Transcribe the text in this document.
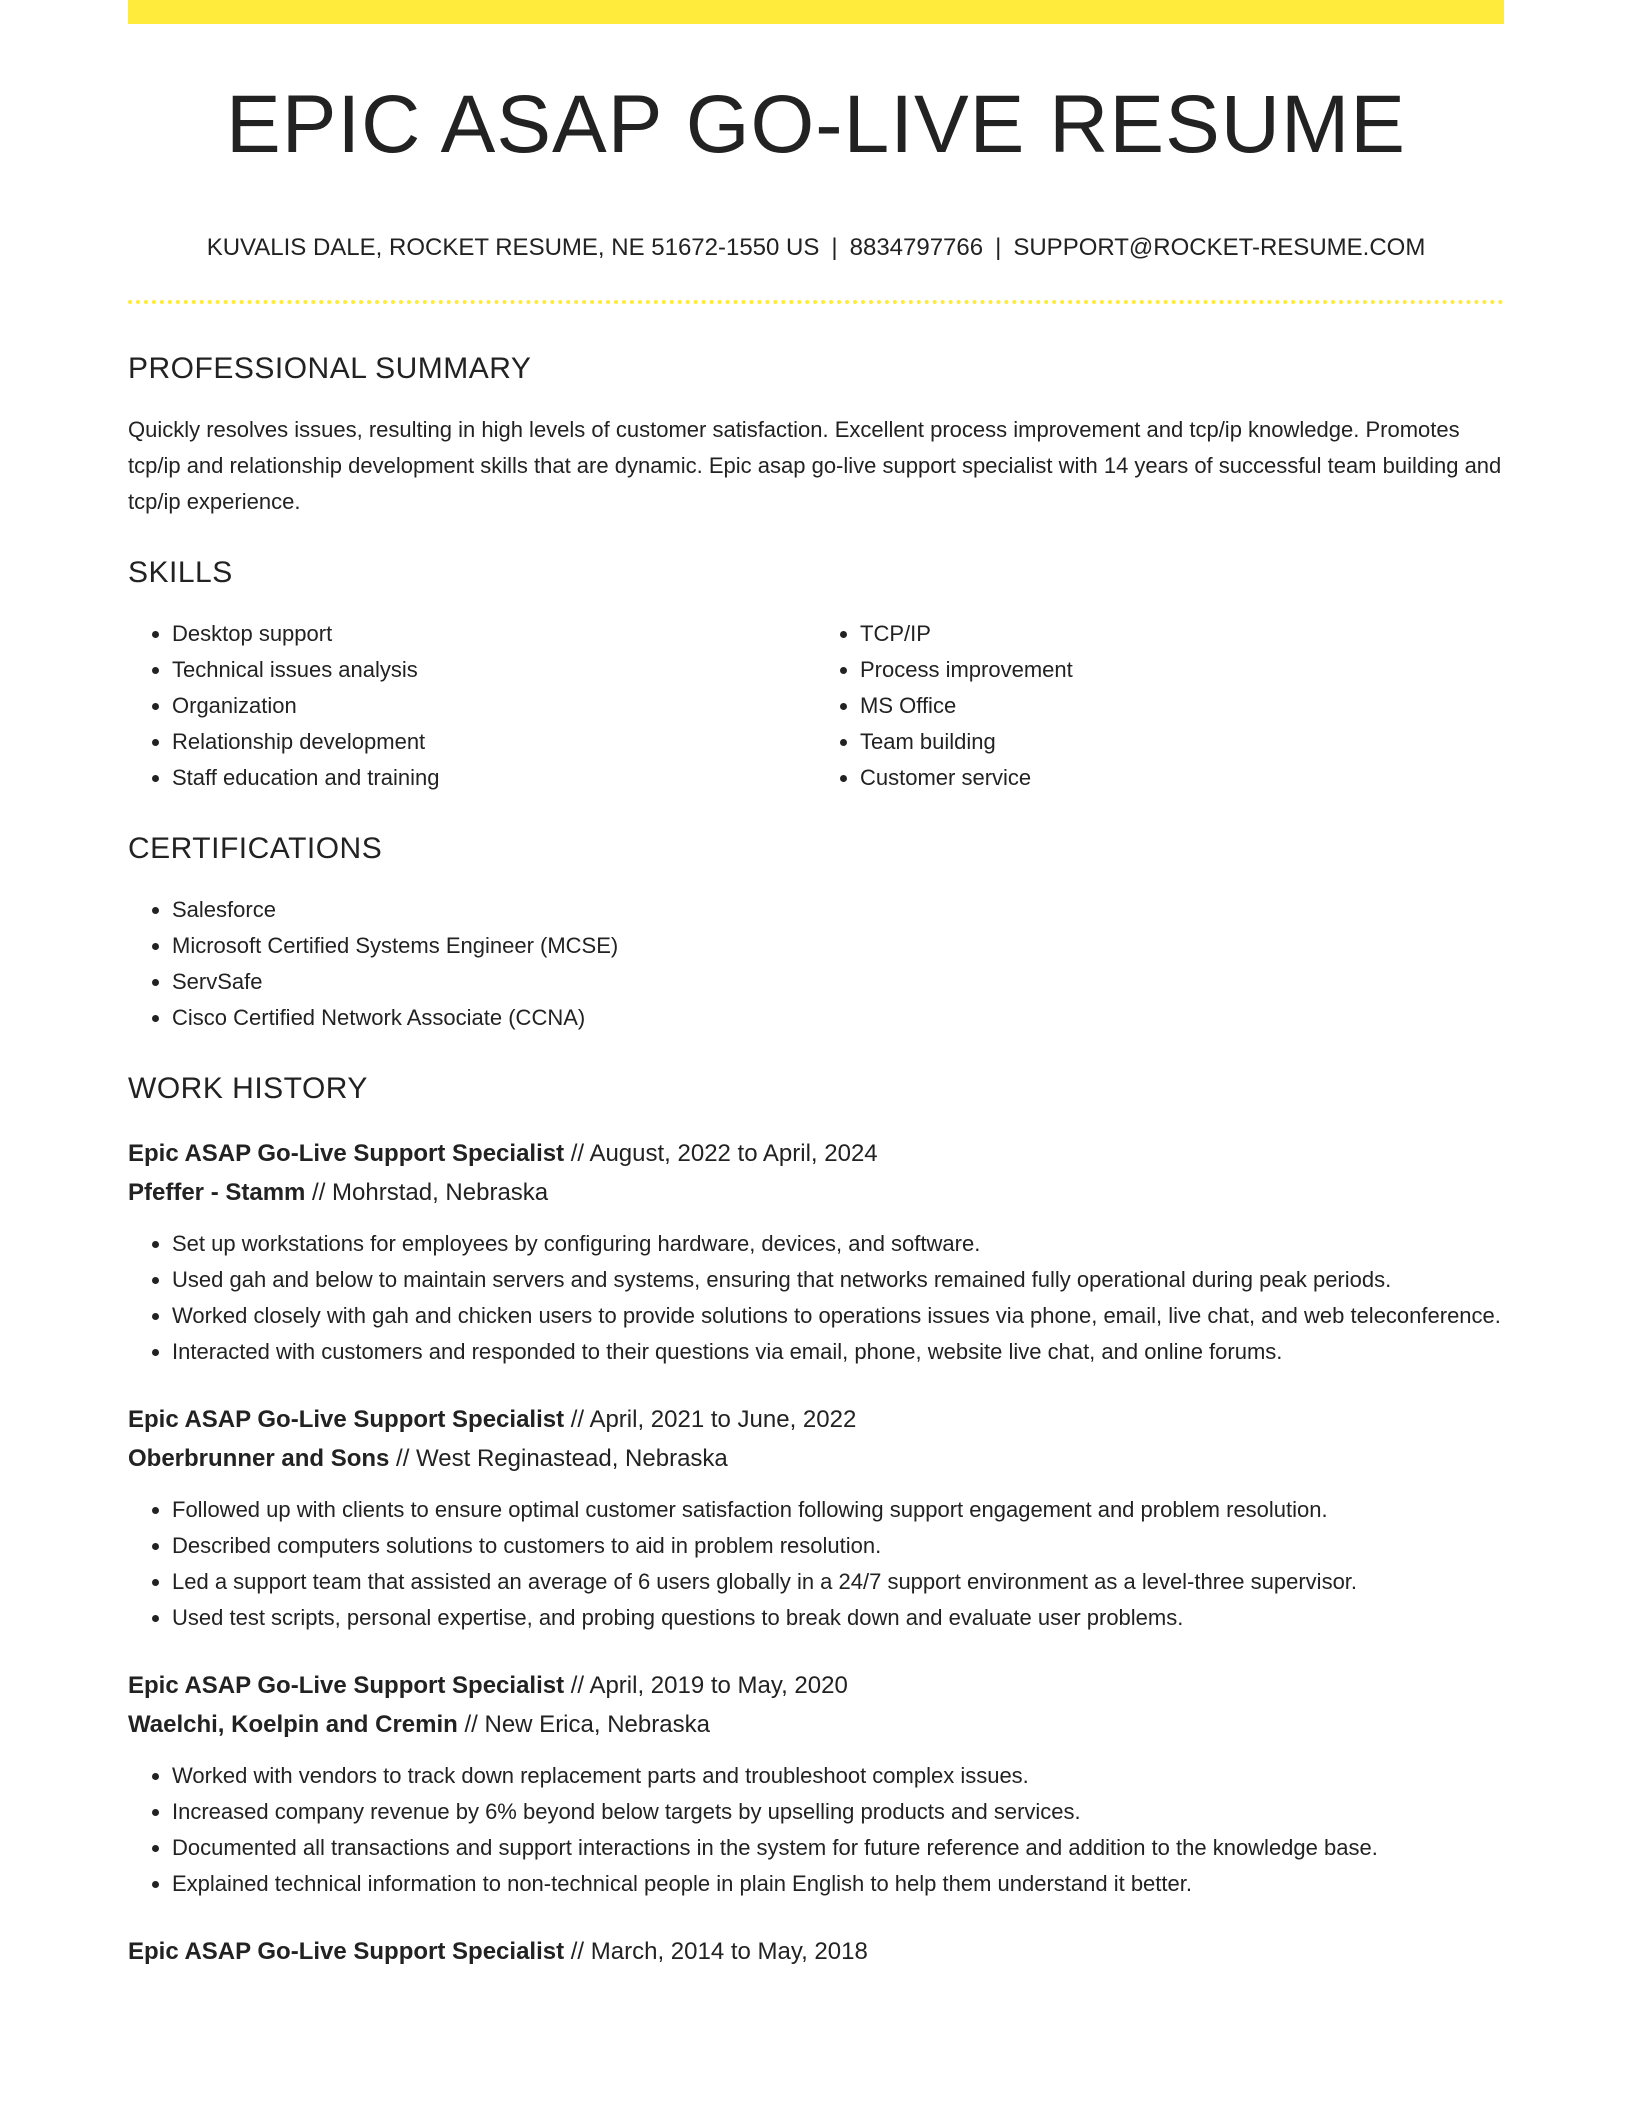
EPIC ASAP GO-LIVE RESUME
KUVALIS DALE, ROCKET RESUME, NE 51672-1550 US | 8834797766 | SUPPORT@ROCKET-RESUME.COM
PROFESSIONAL SUMMARY

Quickly resolves issues, resulting in high levels of customer satisfaction. Excellent process improvement and tcp/ip knowledge. Promotes tcp/ip and relationship development skills that are dynamic. Epic asap go-live support specialist with 14 years of successful team building and tcp/ip experience.

SKILLS
• Desktop support
• Technical issues analysis
• Organization
• Relationship development
• Staff education and training
• TCP/IP
• Process improvement
• MS Office
• Team building
• Customer service
CERTIFICATIONS
• Salesforce
• Microsoft Certified Systems Engineer (MCSE)
• ServSafe
• Cisco Certified Network Associate (CCNA)
WORK HISTORY
Epic ASAP Go-Live Support Specialist // August, 2022 to April, 2024
Pfeffer - Stamm // Mohrstad, Nebraska
• Set up workstations for employees by configuring hardware, devices, and software.
• Used gah and below to maintain servers and systems, ensuring that networks remained fully operational during peak periods.
• Worked closely with gah and chicken users to provide solutions to operations issues via phone, email, live chat, and web teleconference.
• Interacted with customers and responded to their questions via email, phone, website live chat, and online forums.
Epic ASAP Go-Live Support Specialist // April, 2021 to June, 2022
Oberbrunner and Sons // West Reginastead, Nebraska
• Followed up with clients to ensure optimal customer satisfaction following support engagement and problem resolution.
• Described computers solutions to customers to aid in problem resolution.
• Led a support team that assisted an average of 6 users globally in a 24/7 support environment as a level-three supervisor.
• Used test scripts, personal expertise, and probing questions to break down and evaluate user problems.
Epic ASAP Go-Live Support Specialist // April, 2019 to May, 2020
Waelchi, Koelpin and Cremin // New Erica, Nebraska
• Worked with vendors to track down replacement parts and troubleshoot complex issues.
• Increased company revenue by 6% beyond below targets by upselling products and services.
• Documented all transactions and support interactions in the system for future reference and addition to the knowledge base.
• Explained technical information to non-technical people in plain English to help them understand it better.
Epic ASAP Go-Live Support Specialist // March, 2014 to May, 2018
